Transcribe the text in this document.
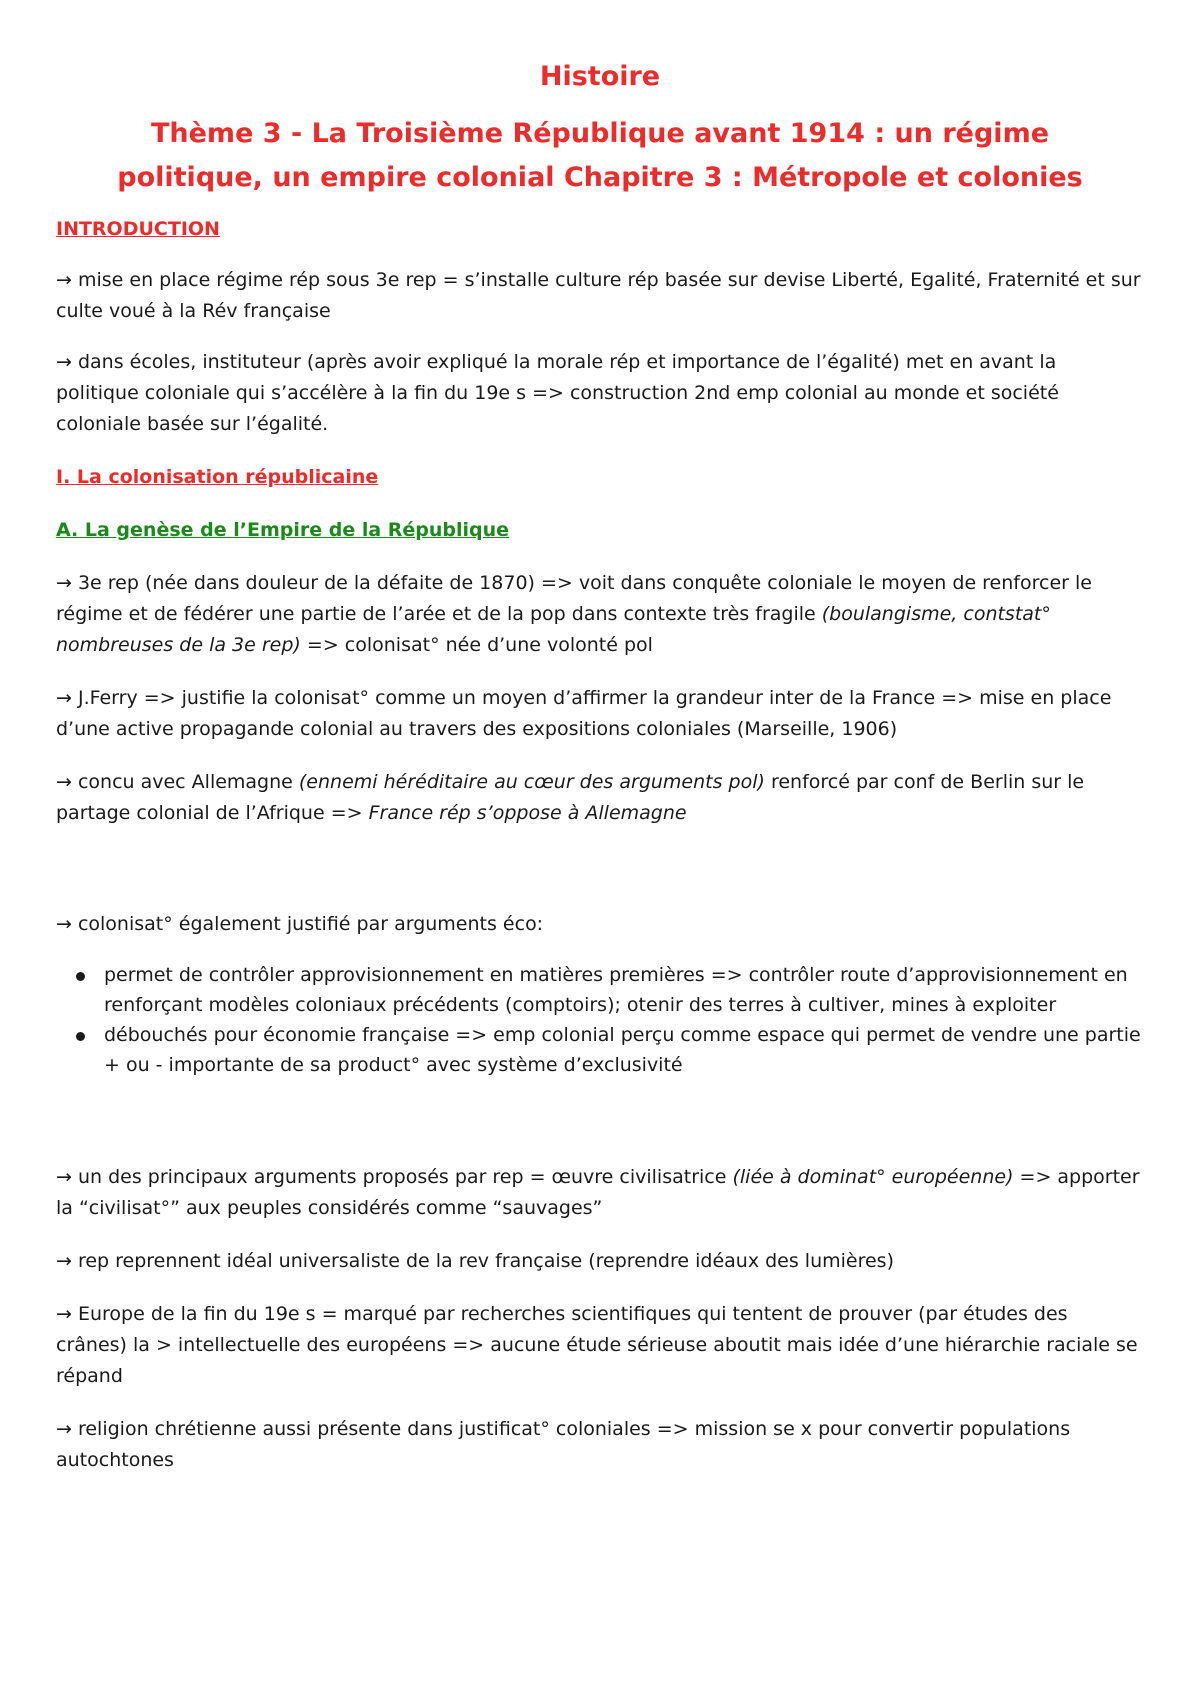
Histoire
Thème 3 - La Troisième République avant 1914 : un régime
politique, un empire colonial Chapitre 3 : Métropole et colonies

INTRODUCTION

→ mise en place régime rép sous 3e rep = s’installe culture rép basée sur devise Liberté, Egalité, Fraternité et sur culte voué à la Rév française

→ dans écoles, instituteur (après avoir expliqué la morale rép et importance de l’égalité) met en avant la politique coloniale qui s’accélère à la fin du 19e s => construction 2nd emp colonial au monde et société coloniale basée sur l’égalité.

I. La colonisation républicaine

A. La genèse de l’Empire de la République

→ 3e rep (née dans douleur de la défaite de 1870) => voit dans conquête coloniale le moyen de renforcer le régime et de fédérer une partie de l’arée et de la pop dans contexte très fragile (boulangisme, contstat° nombreuses de la 3e rep) => colonisat° née d’une volonté pol

→ J.Ferry => justifie la colonisat° comme un moyen d’affirmer la grandeur inter de la France => mise en place d’une active propagande colonial au travers des expositions coloniales (Marseille, 1906)

→ concu avec Allemagne (ennemi héréditaire au cœur des arguments pol) renforcé par conf de Berlin sur le partage colonial de l’Afrique => France rép s’oppose à Allemagne

→ colonisat° également justifié par arguments éco:

permet de contrôler approvisionnement en matières premières => contrôler route d’approvisionnement en renforçant modèles coloniaux précédents (comptoirs); otenir des terres à cultiver, mines à exploiter
débouchés pour économie française => emp colonial perçu comme espace qui permet de vendre une partie + ou - importante de sa product° avec système d’exclusivité

→ un des principaux arguments proposés par rep = œuvre civilisatrice (liée à dominat° européenne) => apporter la “civilisat°” aux peuples considérés comme “sauvages”

→ rep reprennent idéal universaliste de la rev française (reprendre idéaux des lumières)

→ Europe de la fin du 19e s = marqué par recherches scientifiques qui tentent de prouver (par études des crânes) la > intellectuelle des européens => aucune étude sérieuse aboutit mais idée d’une hiérarchie raciale se répand

→ religion chrétienne aussi présente dans justificat° coloniales => mission se x pour convertir populations autochtones
